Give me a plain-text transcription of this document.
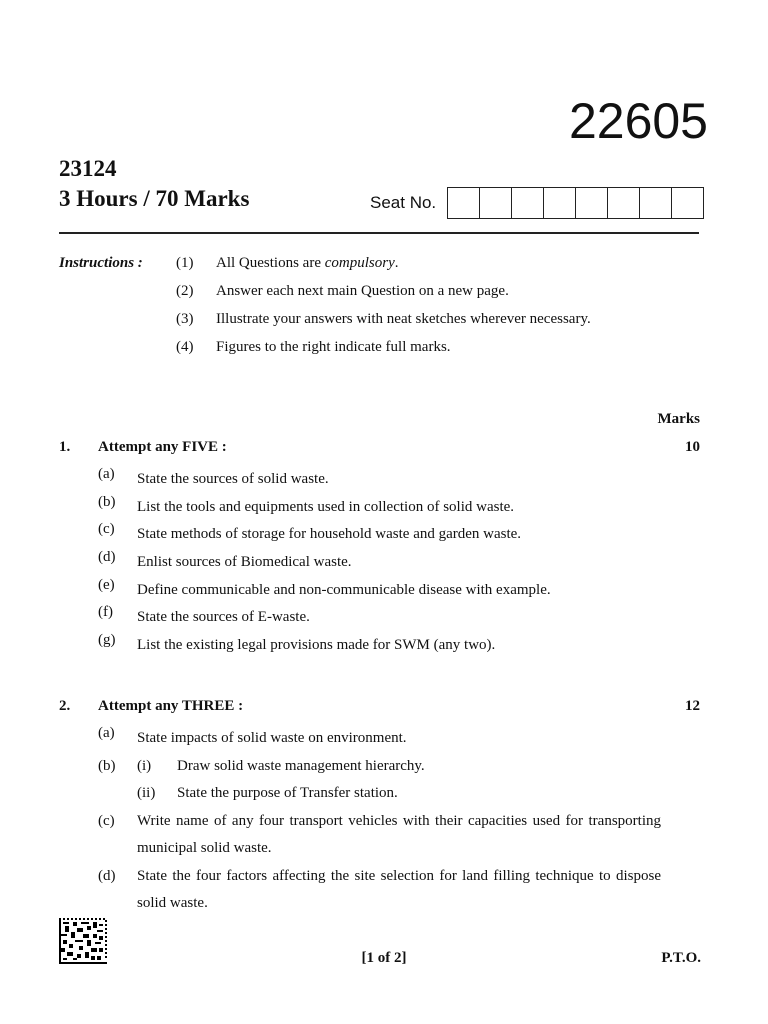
22605
23124
3 Hours / 70 Marks	Seat No.
Instructions : (1)	All Questions are compulsory.
(2)	Answer each next main Question on a new page.
(3)	Illustrate your answers with neat sketches wherever necessary.
(4)	Figures to the right indicate full marks.
Marks
1.	Attempt any FIVE :	10
(a)	State the sources of solid waste.
(b)	List the tools and equipments used in collection of solid waste.
(c)	State methods of storage for household waste and garden waste.
(d)	Enlist sources of Biomedical waste.
(e)	Define communicable and non-communicable disease with example.
(f)	State the sources of E-waste.
(g)	List the existing legal provisions made for SWM (any two).
2.	Attempt any THREE :	12
(a)	State impacts of solid waste on environment.
(b)	(i)	Draw solid waste management hierarchy.
(ii)	State the purpose of Transfer station.
(c)	Write name of any four transport vehicles with their capacities used for transporting municipal solid waste.
(d)	State the four factors affecting the site selection for land filling technique to dispose solid waste.
[1 of 2]	P.T.O.
